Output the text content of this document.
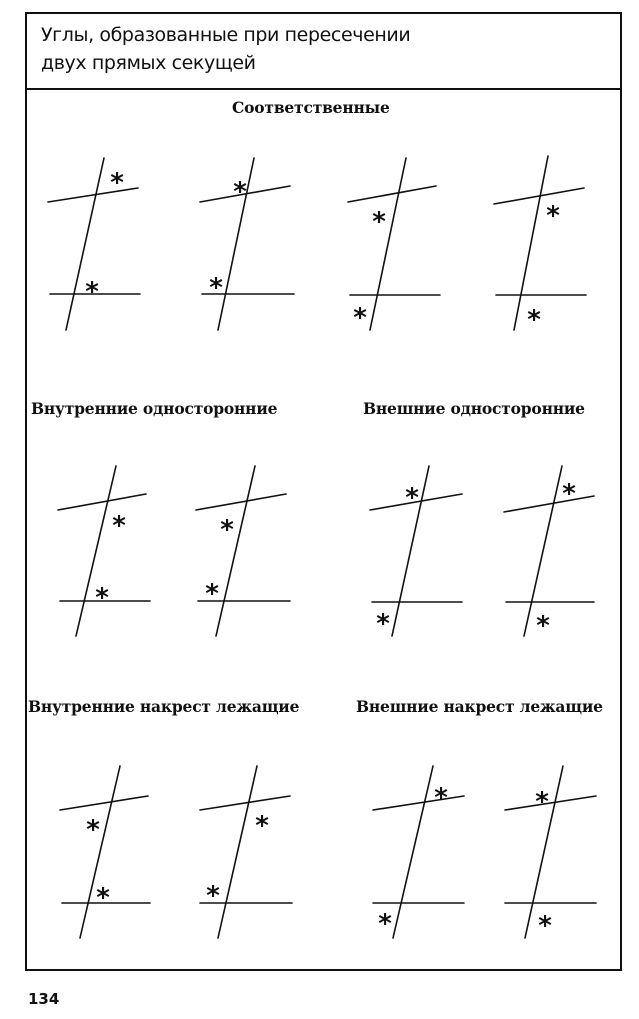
Углы, образованные при пересечении
двух прямых секущей
Соответственные
Внутренние односторонние	Внешние односторонние
Внутренние накрест лежащие	Внешние накрест лежащие
*
*
*
*
*
*
*
*
*
*
*
*
*
*
*
*
*
*
*
*
*
*
*
*
134
